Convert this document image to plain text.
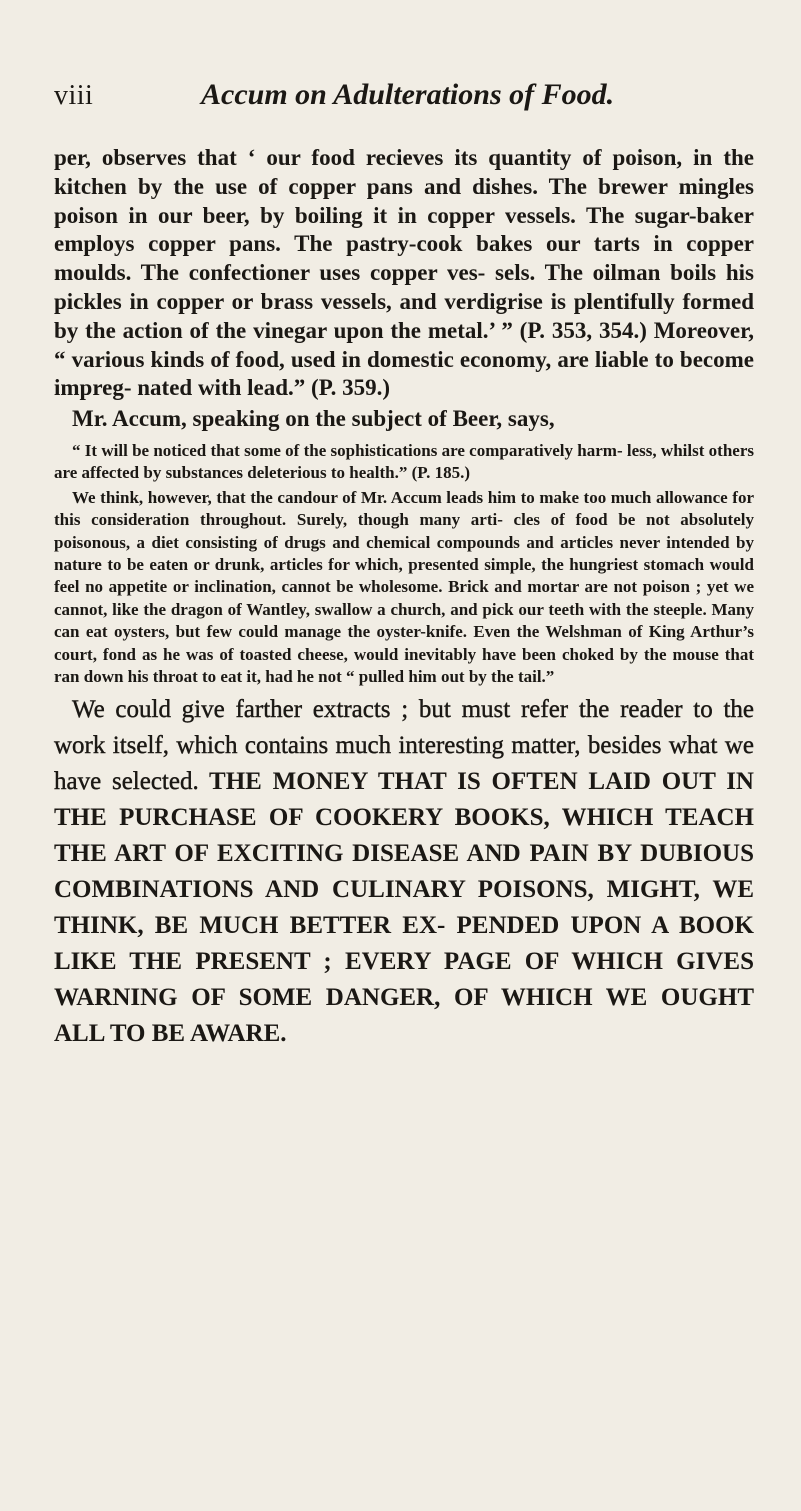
viii	Accum on Adulterations of Food.

per, observes that ‘ our food recieves its quantity of poison, in the kitchen by the use of copper pans and dishes. The brewer mingles poison in our beer, by boiling it in copper vessels. The sugar-baker employs copper pans. The pastry-cook bakes our tarts in copper moulds. The confectioner uses copper ves- sels. The oilman boils his pickles in copper or brass vessels, and verdigrise is plentifully formed by the action of the vinegar upon the metal.’ ” (P. 353, 354.) Moreover, “ various kinds of food, used in domestic economy, are liable to become impreg- nated with lead.” (P. 359.)

Mr. Accum, speaking on the subject of Beer, says,

“ It will be noticed that some of the sophistications are comparatively harm- less, whilst others are affected by substances deleterious to health.” (P. 185.)

We think, however, that the candour of Mr. Accum leads him to make too much allowance for this consideration throughout. Surely, though many arti- cles of food be not absolutely poisonous, a diet consisting of drugs and chemical compounds and articles never intended by nature to be eaten or drunk, articles for which, presented simple, the hungriest stomach would feel no appetite or inclination, cannot be wholesome. Brick and mortar are not poison ; yet we cannot, like the dragon of Wantley, swallow a church, and pick our teeth with the steeple. Many can eat oysters, but few could manage the oyster-knife. Even the Welshman of King Arthur’s court, fond as he was of toasted cheese, would inevitably have been choked by the mouse that ran down his throat to eat it, had he not “ pulled him out by the tail.”

We could give farther extracts ; but must refer the reader to the work itself, which contains much interesting matter, besides what we have selected. THE MONEY THAT IS OFTEN LAID OUT IN THE PURCHASE OF COOKERY BOOKS, WHICH TEACH THE ART OF EXCITING DISEASE AND PAIN BY DUBIOUS COMBINATIONS AND CULINARY POISONS, MIGHT, WE THINK, BE MUCH BETTER EX- PENDED UPON A BOOK LIKE THE PRESENT ; EVERY PAGE OF WHICH GIVES WARNING OF SOME DANGER, OF WHICH WE OUGHT ALL TO BE AWARE.
